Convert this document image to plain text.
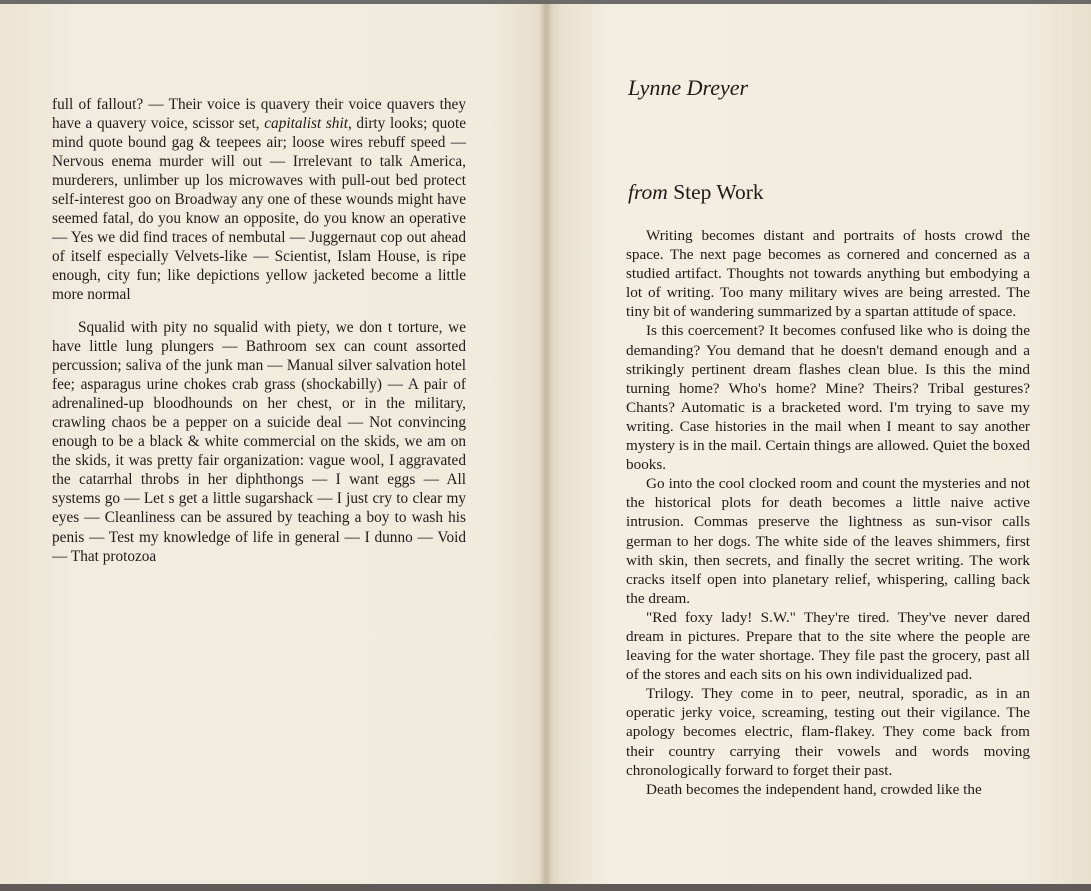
full of fallout? — Their voice is quavery their voice quavers they have a quavery voice, scissor set, capitalist shit, dirty looks; quote mind quote bound gag & teepees air; loose wires rebuff speed — Nervous enema murder will out — Irrelevant to talk America, murderers, unlimber up los microwaves with pull-out bed protect self-interest goo on Broadway any one of these wounds might have seemed fatal, do you know an opposite, do you know an operative — Yes we did find traces of nembutal — Juggernaut cop out ahead of itself especially Velvets-like — Scientist, Islam House, is ripe enough, city fun; like depictions yellow jacketed become a little more normal

Squalid with pity no squalid with piety, we don t torture, we have little lung plungers — Bathroom sex can count assorted percussion; saliva of the junk man — Manual silver salvation hotel fee; asparagus urine chokes crab grass (shockabilly) — A pair of adrenalined-up bloodhounds on her chest, or in the military, crawling chaos be a pepper on a suicide deal — Not convincing enough to be a black & white commercial on the skids, we am on the skids, it was pretty fair organization: vague wool, I aggravated the catarrhal throbs in her diphthongs — I want eggs — All systems go — Let s get a little sugarshack — I just cry to clear my eyes — Cleanliness can be assured by teaching a boy to wash his penis — Test my knowledge of life in general — I dunno — Void — That protozoa

Lynne Dreyer
from Step Work

Writing becomes distant and portraits of hosts crowd the space. The next page becomes as cornered and concerned as a studied artifact. Thoughts not towards anything but embodying a lot of writing. Too many military wives are being arrested. The tiny bit of wandering summarized by a spartan attitude of space.

Is this coercement? It becomes confused like who is doing the demanding? You demand that he doesn't demand enough and a strikingly pertinent dream flashes clean blue. Is this the mind turning home? Who's home? Mine? Theirs? Tribal gestures? Chants? Automatic is a bracketed word. I'm trying to save my writing. Case histories in the mail when I meant to say another mystery is in the mail. Certain things are allowed. Quiet the boxed books.

Go into the cool clocked room and count the mysteries and not the historical plots for death becomes a little naive active intrusion. Commas preserve the lightness as sun-visor calls german to her dogs. The white side of the leaves shimmers, first with skin, then secrets, and finally the secret writing. The work cracks itself open into planetary relief, whispering, calling back the dream.

"Red foxy lady! S.W." They're tired. They've never dared dream in pictures. Prepare that to the site where the people are leaving for the water shortage. They file past the grocery, past all of the stores and each sits on his own individualized pad.

Trilogy. They come in to peer, neutral, sporadic, as in an operatic jerky voice, screaming, testing out their vigilance. The apology becomes electric, flam-flakey. They come back from their country carrying their vowels and words moving chronologically forward to forget their past.

Death becomes the independent hand, crowded like the
